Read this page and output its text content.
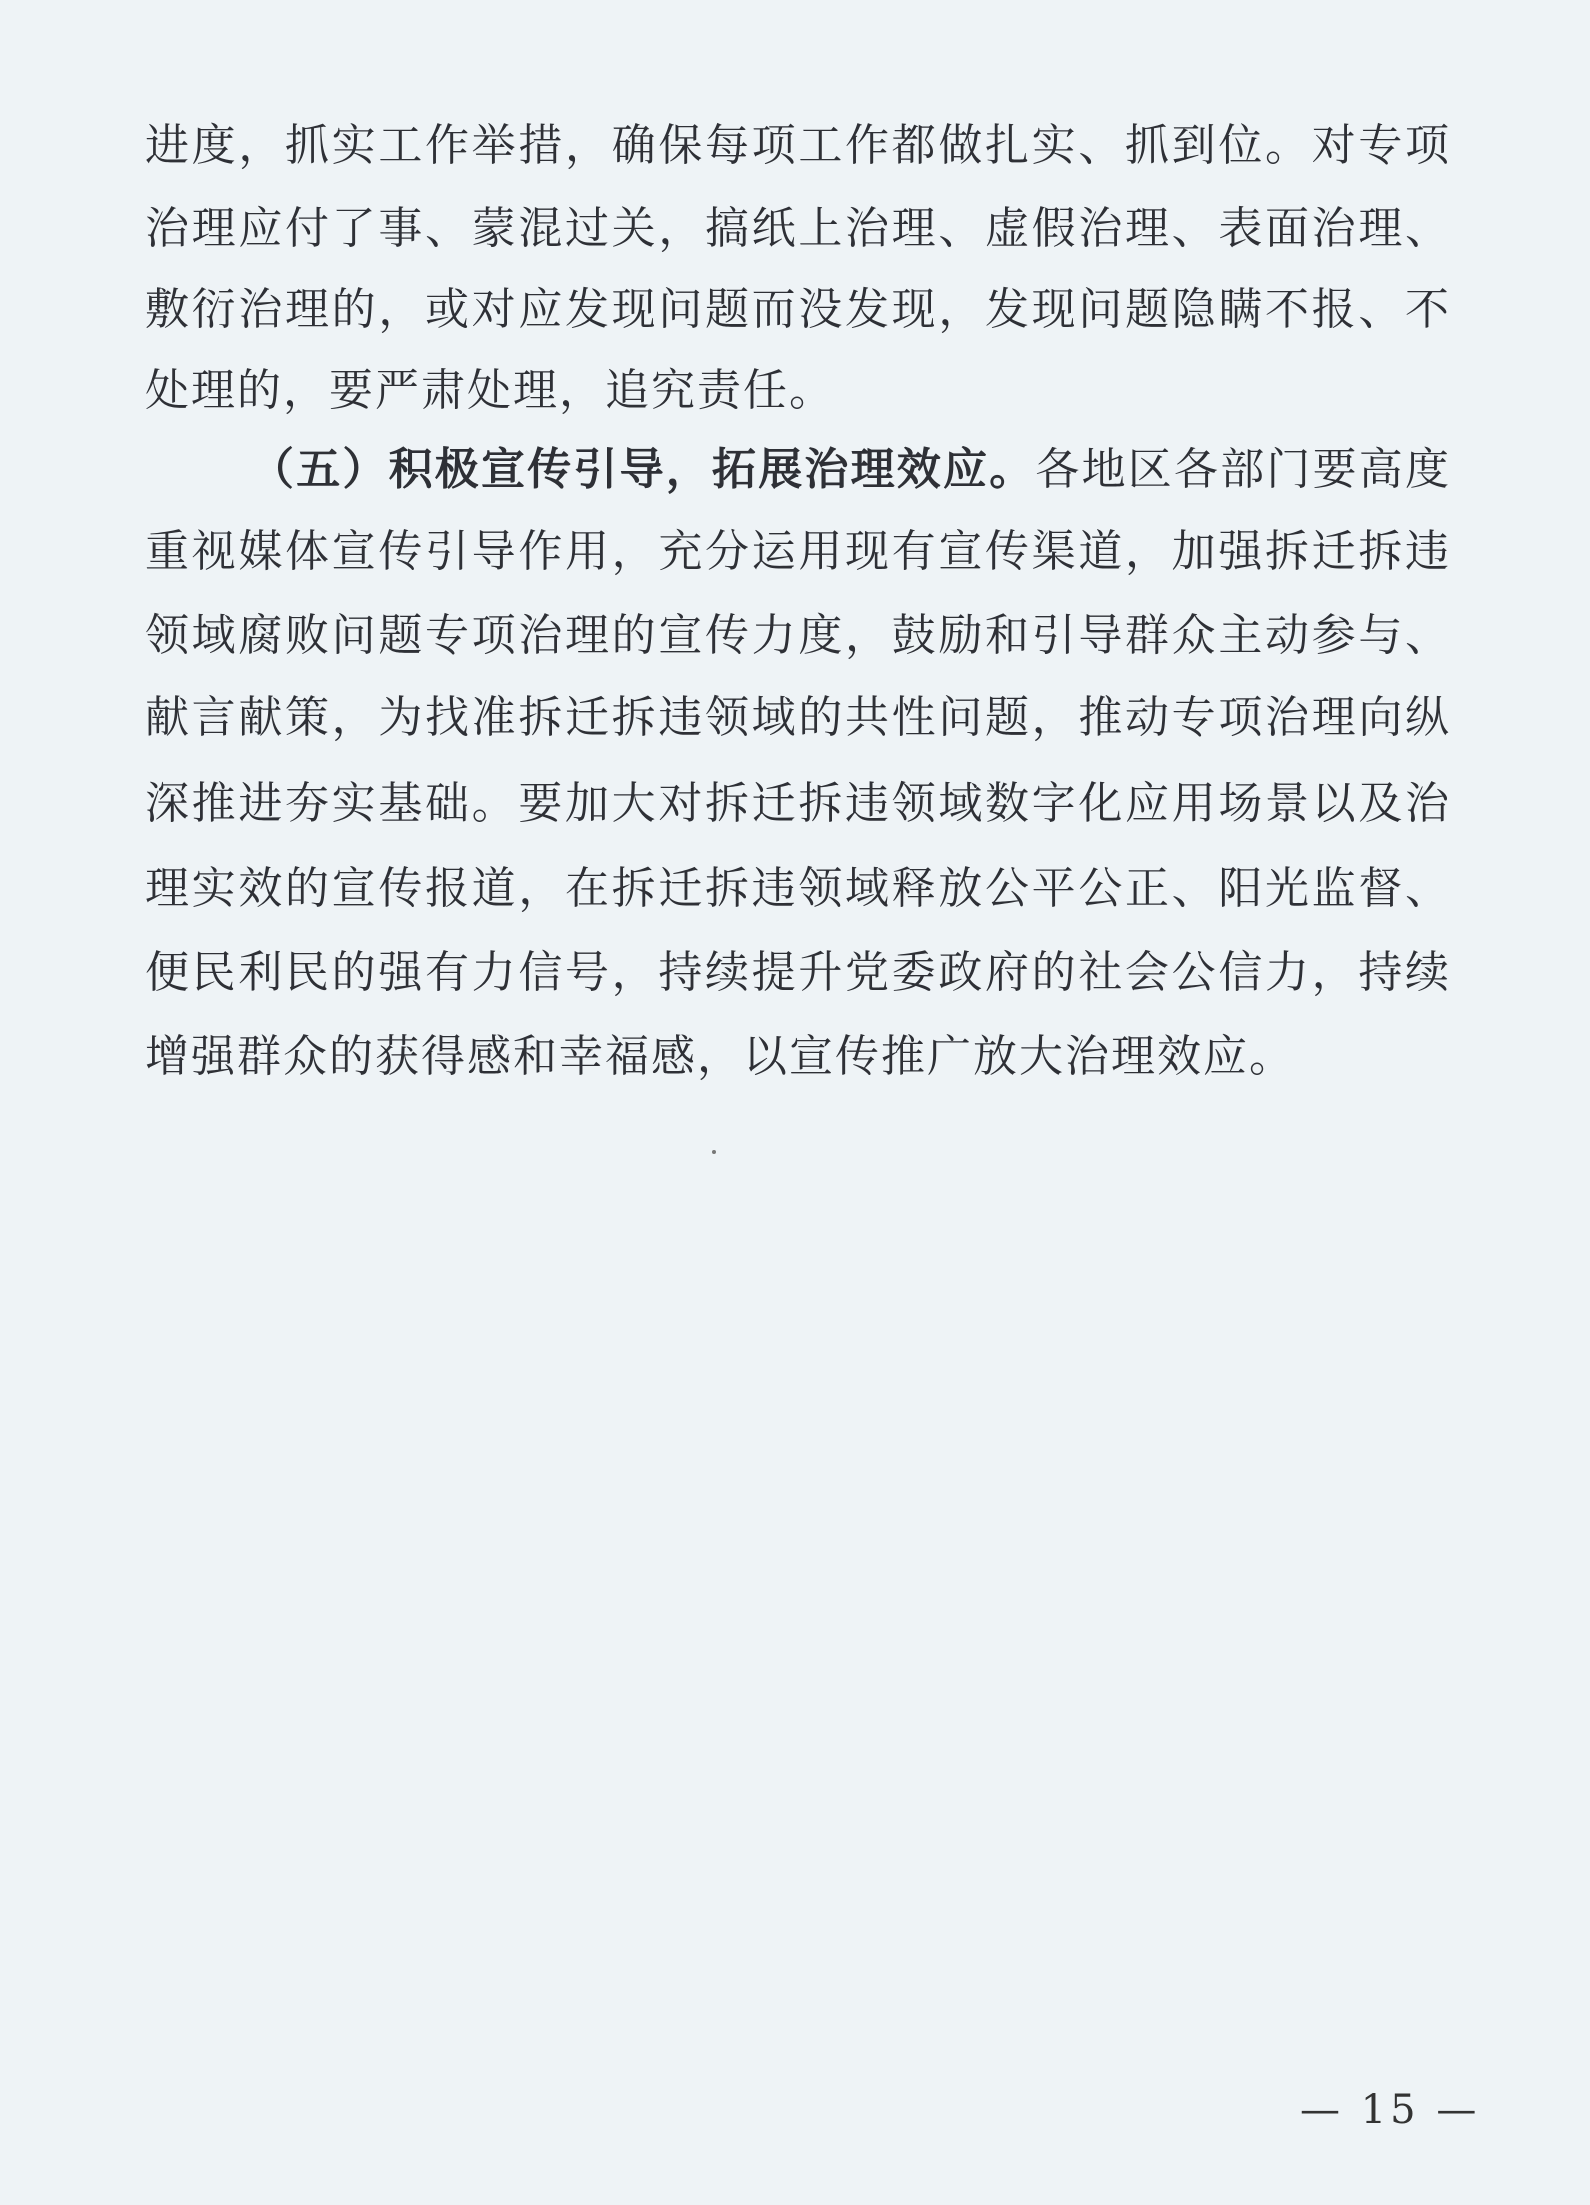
进度，抓实工作举措，确保每项工作都做扎实、抓到位。对专项
治理应付了事、蒙混过关，搞纸上治理、虚假治理、表面治理、
敷衍治理的，或对应发现问题而没发现，发现问题隐瞒不报、不
处理的，要严肃处理，追究责任。
（五）积极宣传引导，拓展治理效应。各地区各部门要高度
重视媒体宣传引导作用，充分运用现有宣传渠道，加强拆迁拆违
领域腐败问题专项治理的宣传力度，鼓励和引导群众主动参与、
献言献策，为找准拆迁拆违领域的共性问题，推动专项治理向纵
深推进夯实基础。要加大对拆迁拆违领域数字化应用场景以及治
理实效的宣传报道，在拆迁拆违领域释放公平公正、阳光监督、
便民利民的强有力信号，持续提升党委政府的社会公信力，持续
增强群众的获得感和幸福感，以宣传推广放大治理效应。
— 15 —
